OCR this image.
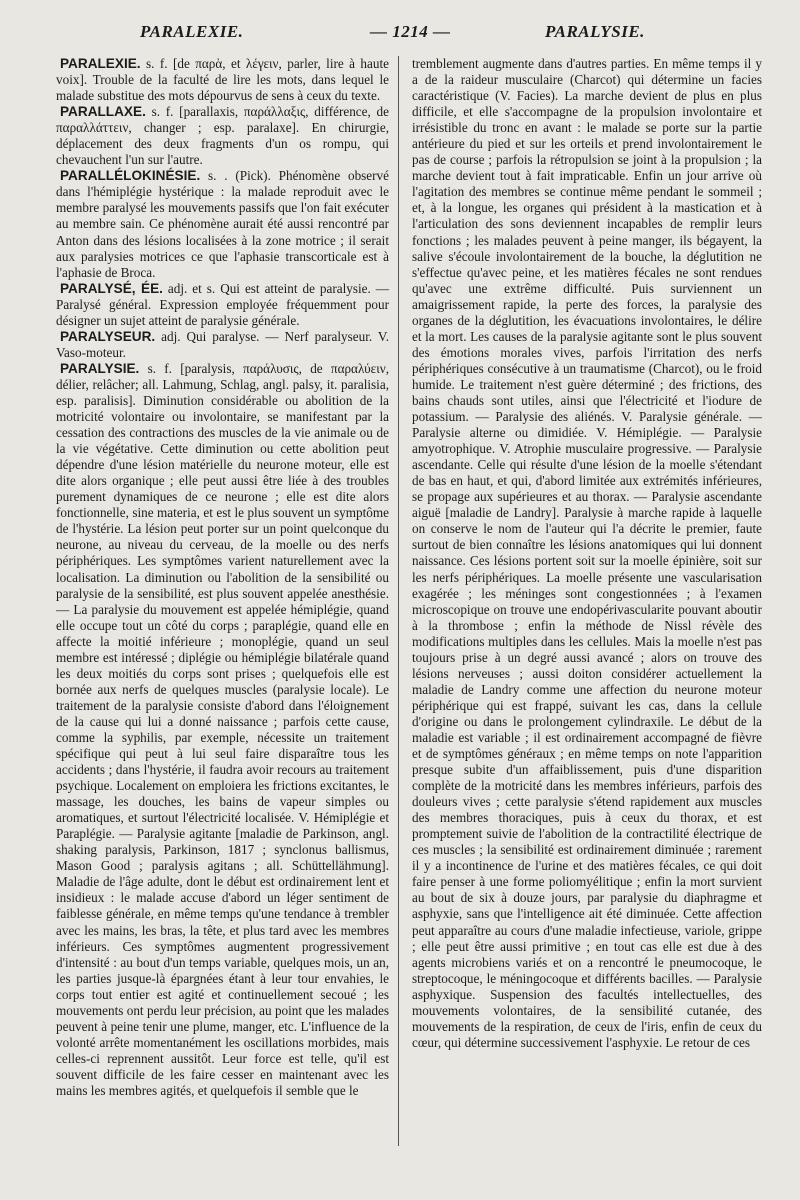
PARALEXIE.	— 1214 —	PARALYSIE.

PARALEXIE. s. f. [de παρὰ, et λέγειν, parler, lire à haute voix]. Trouble de la faculté de lire les mots, dans lequel le malade substitue des mots dépourvus de sens à ceux du texte.

PARALLAXE. s. f. [parallaxis, παράλλαξις, différence, de παραλλάττειν, changer ; esp. paralaxe]. En chirurgie, déplacement des deux fragments d'un os rompu, qui chevauchent l'un sur l'autre.

PARALLÉLOKINÉSIE. s. . (Pick). Phénomène observé dans l'hémiplégie hystérique : la malade reproduit avec le membre paralysé les mouvements passifs que l'on fait exécuter au membre sain. Ce phénomène aurait été aussi rencontré par Anton dans des lésions localisées à la zone motrice ; il serait aux paralysies motrices ce que l'aphasie transcorticale est à l'aphasie de Broca.

PARALYSÉ, ÉE. adj. et s. Qui est atteint de paralysie. — Paralysé général. Expression employée fréquemment pour désigner un sujet atteint de paralysie générale.

PARALYSEUR. adj. Qui paralyse. — Nerf paralyseur. V. Vaso-moteur.

PARALYSIE. s. f. [paralysis, παράλυσις, de παραλύειν, délier, relâcher; all. Lahmung, Schlag, angl. palsy, it. paralisia, esp. paralisis]. Diminution considérable ou abolition de la motricité volontaire ou involontaire, se manifestant par la cessation des contractions des muscles de la vie animale ou de la vie végétative. Cette diminution ou cette abolition peut dépendre d'une lésion matérielle du neurone moteur, elle est dite alors organique ; elle peut aussi être liée à des troubles purement dynamiques de ce neurone ; elle est dite alors fonctionnelle, sine materia, et est le plus souvent un symptôme de l'hystérie. La lésion peut porter sur un point quelconque du neurone, au niveau du cerveau, de la moelle ou des nerfs périphériques. Les symptômes varient naturellement avec la localisation. La diminution ou l'abolition de la sensibilité ou paralysie de la sensibilité, est plus souvent appelée anesthésie. — La paralysie du mouvement est appelée hémiplégie, quand elle occupe tout un côté du corps ; paraplégie, quand elle en affecte la moitié inférieure ; monoplégie, quand un seul membre est intéressé ; diplégie ou hémiplégie bilatérale quand les deux moitiés du corps sont prises ; quelquefois elle est bornée aux nerfs de quelques muscles (paralysie locale). Le traitement de la paralysie consiste d'abord dans l'éloignement de la cause qui lui a donné naissance ; parfois cette cause, comme la syphilis, par exemple, nécessite un traitement spécifique qui peut à lui seul faire disparaître tous les accidents ; dans l'hystérie, il faudra avoir recours au traitement psychique. Localement on emploiera les frictions excitantes, le massage, les douches, les bains de vapeur simples ou aromatiques, et surtout l'électricité localisée. V. Hémiplégie et Paraplégie. — Paralysie agitante [maladie de Parkinson, angl. shaking paralysis, Parkinson, 1817 ; synclonus ballismus, Mason Good ; paralysis agitans ; all. Schüttellähmung]. Maladie de l'âge adulte, dont le début est ordinairement lent et insidieux : le malade accuse d'abord un léger sentiment de faiblesse générale, en même temps qu'une tendance à trembler avec les mains, les bras, la tête, et plus tard avec les membres inférieurs. Ces symptômes augmentent progressivement d'intensité : au bout d'un temps variable, quelques mois, un an, les parties jusque-là épargnées étant à leur tour envahies, le corps tout entier est agité et continuellement secoué ; les mouvements ont perdu leur précision, au point que les malades peuvent à peine tenir une plume, manger, etc. L'influence de la volonté arrête momentanément les oscillations morbides, mais celles-ci reprennent aussitôt. Leur force est telle, qu'il est souvent difficile de les faire cesser en maintenant avec les mains les membres agités, et quelquefois il semble que le

tremblement augmente dans d'autres parties. En même temps il y a de la raideur musculaire (Charcot) qui détermine un facies caractéristique (V. Facies). La marche devient de plus en plus difficile, et elle s'accompagne de la propulsion involontaire et irrésistible du tronc en avant : le malade se porte sur la partie antérieure du pied et sur les orteils et prend involontairement le pas de course ; parfois la rétropulsion se joint à la propulsion ; la marche devient tout à fait impraticable. Enfin un jour arrive où l'agitation des membres se continue même pendant le sommeil ; et, à la longue, les organes qui président à la mastication et à l'articulation des sons deviennent incapables de remplir leurs fonctions ; les malades peuvent à peine manger, ils bégayent, la salive s'écoule involontairement de la bouche, la déglutition ne s'effectue qu'avec peine, et les matières fécales ne sont rendues qu'avec une extrême difficulté. Puis surviennent un amaigrissement rapide, la perte des forces, la paralysie des organes de la déglutition, les évacuations involontaires, le délire et la mort. Les causes de la paralysie agitante sont le plus souvent des émotions morales vives, parfois l'irritation des nerfs périphériques consécutive à un traumatisme (Charcot), ou le froid humide. Le traitement n'est guère déterminé ; des frictions, des bains chauds sont utiles, ainsi que l'électricité et l'iodure de potassium. — Paralysie des aliénés. V. Paralysie générale. — Paralysie alterne ou dimidiée. V. Hémiplégie. — Paralysie amyotrophique. V. Atrophie musculaire progressive. — Paralysie ascendante. Celle qui résulte d'une lésion de la moelle s'étendant de bas en haut, et qui, d'abord limitée aux extrémités inférieures, se propage aux supérieures et au thorax. — Paralysie ascendante aiguë [maladie de Landry]. Paralysie à marche rapide à laquelle on conserve le nom de l'auteur qui l'a décrite le premier, faute surtout de bien connaître les lésions anatomiques qui lui donnent naissance. Ces lésions portent soit sur la moelle épinière, soit sur les nerfs périphériques. La moelle présente une vascularisation exagérée ; les méninges sont congestionnées ; à l'examen microscopique on trouve une endopérivascularite pouvant aboutir à la thrombose ; enfin la méthode de Nissl révèle des modifications multiples dans les cellules. Mais la moelle n'est pas toujours prise à un degré aussi avancé ; alors on trouve des lésions nerveuses ; aussi doiton considérer actuellement la maladie de Landry comme une affection du neurone moteur périphérique qui est frappé, suivant les cas, dans la cellule d'origine ou dans le prolongement cylindraxile. Le début de la maladie est variable ; il est ordinairement accompagné de fièvre et de symptômes généraux ; en même temps on note l'apparition presque subite d'un affaiblissement, puis d'une disparition complète de la motricité dans les membres inférieurs, parfois des douleurs vives ; cette paralysie s'étend rapidement aux muscles des membres thoraciques, puis à ceux du thorax, et est promptement suivie de l'abolition de la contractilité électrique de ces muscles ; la sensibilité est ordinairement diminuée ; rarement il y a incontinence de l'urine et des matières fécales, ce qui doit faire penser à une forme poliomyélitique ; enfin la mort survient au bout de six à douze jours, par paralysie du diaphragme et asphyxie, sans que l'intelligence ait été diminuée. Cette affection peut apparaître au cours d'une maladie infectieuse, variole, grippe ; elle peut être aussi primitive ; en tout cas elle est due à des agents microbiens variés et on a rencontré le pneumocoque, le streptocoque, le méningocoque et différents bacilles. — Paralysie asphyxique. Suspension des facultés intellectuelles, des mouvements volontaires, de la sensibilité cutanée, des mouvements de la respiration, de ceux de l'iris, enfin de ceux du cœur, qui détermine successivement l'asphyxie. Le retour de ces
